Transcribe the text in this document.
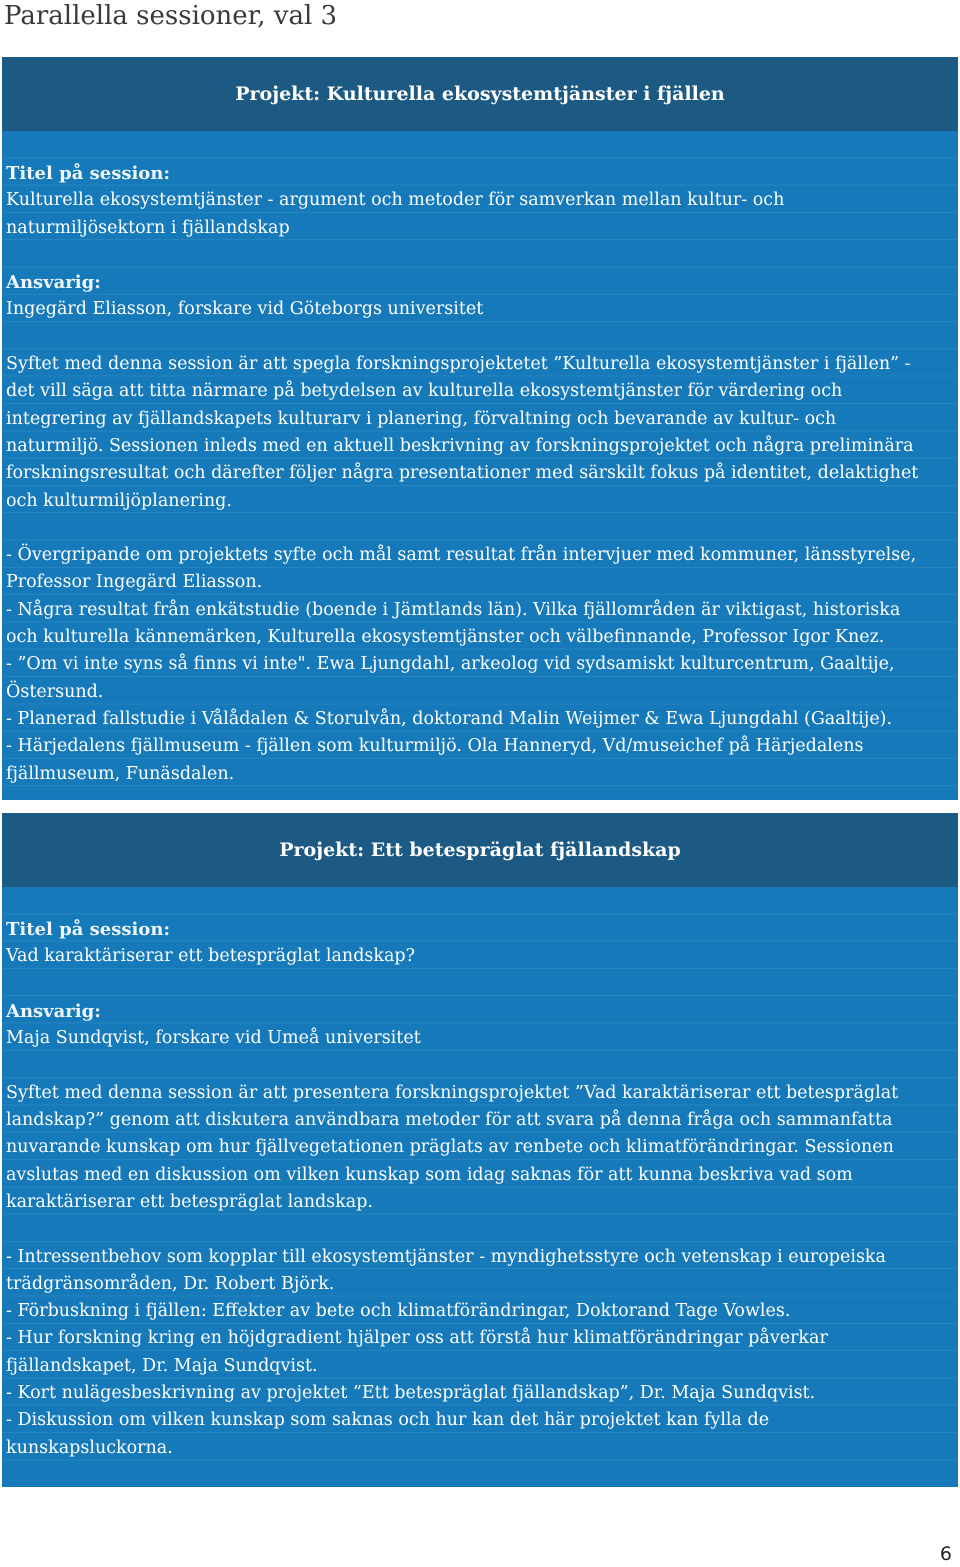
Parallella sessioner, val 3
Projekt: Kulturella ekosystemtjänster i fjällen
Titel på session:
Kulturella ekosystemtjänster - argument och metoder för samverkan mellan kultur- och
naturmiljösektorn i fjällandskap
Ansvarig:
Ingegärd Eliasson, forskare vid Göteborgs universitet
Syftet med denna session är att spegla forskningsprojektetet ”Kulturella ekosystemtjänster i fjällen” -
det vill säga att titta närmare på betydelsen av kulturella ekosystemtjänster för värdering och
integrering av fjällandskapets kulturarv i planering, förvaltning och bevarande av kultur- och
naturmiljö. Sessionen inleds med en aktuell beskrivning av forskningsprojektet och några preliminära
forskningsresultat och därefter följer några presentationer med särskilt fokus på identitet, delaktighet
och kulturmiljöplanering.
- Övergripande om projektets syfte och mål samt resultat från intervjuer med kommuner, länsstyrelse,
Professor Ingegärd Eliasson.
- Några resultat från enkätstudie (boende i Jämtlands län). Vilka fjällområden är viktigast, historiska
och kulturella kännemärken, Kulturella ekosystemtjänster och välbefinnande, Professor Igor Knez.
- ”Om vi inte syns så finns vi inte". Ewa Ljungdahl, arkeolog vid sydsamiskt kulturcentrum, Gaaltije,
Östersund.
- Planerad fallstudie i Vålådalen & Storulvån, doktorand Malin Weijmer & Ewa Ljungdahl (Gaaltije).
- Härjedalens fjällmuseum - fjällen som kulturmiljö. Ola Hanneryd, Vd/museichef på Härjedalens
fjällmuseum, Funäsdalen.
Projekt: Ett betespräglat fjällandskap
Titel på session:
Vad karaktäriserar ett betespräglat landskap?
Ansvarig:
Maja Sundqvist, forskare vid Umeå universitet
Syftet med denna session är att presentera forskningsprojektet ”Vad karaktäriserar ett betespräglat
landskap?” genom att diskutera användbara metoder för att svara på denna fråga och sammanfatta
nuvarande kunskap om hur fjällvegetationen präglats av renbete och klimatförändringar. Sessionen
avslutas med en diskussion om vilken kunskap som idag saknas för att kunna beskriva vad som
karaktäriserar ett betespräglat landskap.
- Intressentbehov som kopplar till ekosystemtjänster - myndighetsstyre och vetenskap i europeiska
trädgränsområden, Dr. Robert Björk.
- Förbuskning i fjällen: Effekter av bete och klimatförändringar, Doktorand Tage Vowles.
- Hur forskning kring en höjdgradient hjälper oss att förstå hur klimatförändringar påverkar
fjällandskapet, Dr. Maja Sundqvist.
- Kort nulägesbeskrivning av projektet ”Ett betespräglat fjällandskap”, Dr. Maja Sundqvist.
- Diskussion om vilken kunskap som saknas och hur kan det här projektet kan fylla de
kunskapsluckorna.
6
